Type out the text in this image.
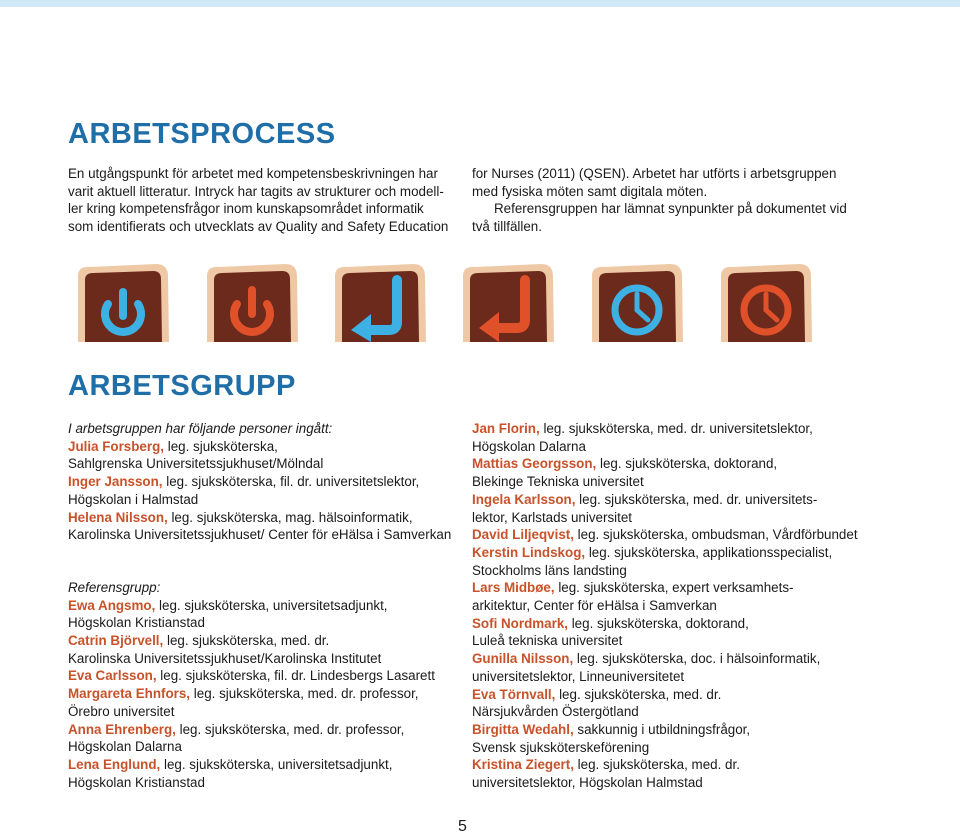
ARBETSPROCESS
En utgångspunkt för arbetet med kompetensbeskrivningen har
varit aktuell litteratur. Intryck har tagits av strukturer och modell-
ler kring kompetensfrågor inom kunskapsområdet informatik
som identifierats och utvecklats av Quality and Safety Education
for Nurses (2011) (QSEN). Arbetet har utförts i arbetsgruppen
med fysiska möten samt digitala möten.
Referensgruppen har lämnat synpunkter på dokumentet vid
två tillfällen.
ARBETSGRUPP
I arbetsgruppen har följande personer ingått:
Julia Forsberg, leg. sjuksköterska,
Sahlgrenska Universitetssjukhuset/Mölndal
Inger Jansson, leg. sjuksköterska, fil. dr. universitetslektor,
Högskolan i Halmstad
Helena Nilsson, leg. sjuksköterska, mag. hälsoinformatik,
Karolinska Universitetssjukhuset/ Center för eHälsa i Samverkan
Referensgrupp:
Ewa Angsmo, leg. sjuksköterska, universitetsadjunkt,
Högskolan Kristianstad
Catrin Björvell, leg. sjuksköterska, med. dr.
Karolinska Universitetssjukhuset/Karolinska Institutet
Eva Carlsson, leg. sjuksköterska, fil. dr. Lindesbergs Lasarett
Margareta Ehnfors, leg. sjuksköterska, med. dr. professor,
Örebro universitet
Anna Ehrenberg, leg. sjuksköterska, med. dr. professor,
Högskolan Dalarna
Lena Englund, leg. sjuksköterska, universitetsadjunkt,
Högskolan Kristianstad
Jan Florin, leg. sjuksköterska, med. dr. universitetslektor,
Högskolan Dalarna
Mattias Georgsson, leg. sjuksköterska, doktorand,
Blekinge Tekniska universitet
Ingela Karlsson, leg. sjuksköterska, med. dr. universitets-
lektor, Karlstads universitet
David Liljeqvist, leg. sjuksköterska, ombudsman, Vårdförbundet
Kerstin Lindskog, leg. sjuksköterska, applikationsspecialist,
Stockholms läns landsting
Lars Midbøe, leg. sjuksköterska, expert verksamhets-
arkitektur, Center för eHälsa i Samverkan
Sofi Nordmark, leg. sjuksköterska, doktorand,
Luleå tekniska universitet
Gunilla Nilsson, leg. sjuksköterska, doc. i hälsoinformatik,
universitetslektor, Linneuniversitetet
Eva Törnvall, leg. sjuksköterska, med. dr.
Närsjukvården Östergötland
Birgitta Wedahl, sakkunnig i utbildningsfrågor,
Svensk sjuksköterskeförening
Kristina Ziegert, leg. sjuksköterska, med. dr.
universitetslektor, Högskolan Halmstad
5
